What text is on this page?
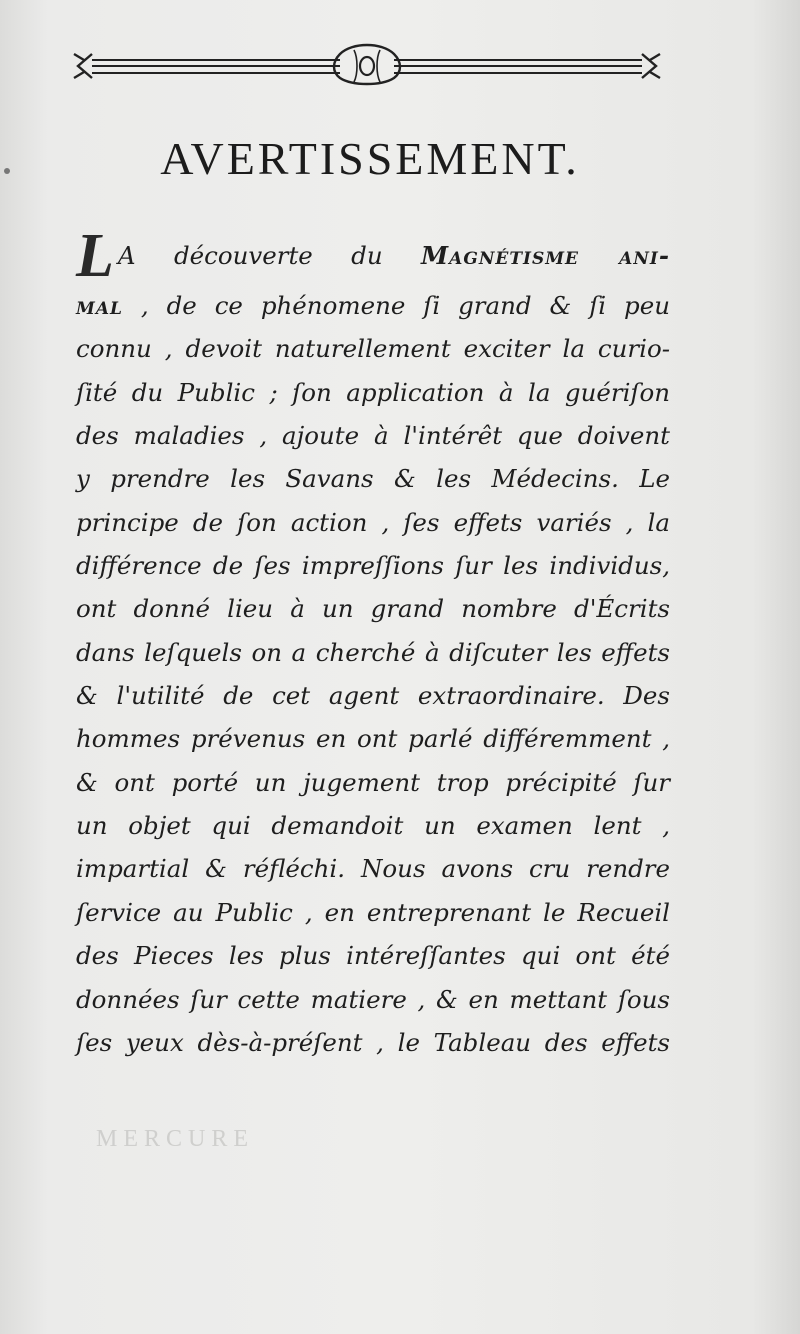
AVERTISSEMENT.
L A découverte du Magnétisme ani-
mal , de ce phénomene ſi grand & ſi peu
connu , devoit naturellement exciter la curio-
ſité du Public ; ſon application à la guériſon
des maladies , ajoute à l'intérêt que doivent
y prendre les Savans & les Médecins. Le
principe de ſon action , ſes effets variés , la
différence de ſes impreſſions ſur les individus,
ont donné lieu à un grand nombre d'Écrits
dans leſquels on a cherché à diſcuter les effets
& l'utilité de cet agent extraordinaire. Des
hommes prévenus en ont parlé différemment ,
& ont porté un jugement trop précipité ſur
un objet qui demandoit un examen lent ,
impartial & réfléchi. Nous avons cru rendre
ſervice au Public , en entreprenant le Recueil
des Pieces les plus intéreſſantes qui ont été
données ſur cette matiere , & en mettant ſous
ſes yeux dès-à-préſent , le Tableau des effets
MERCURE
